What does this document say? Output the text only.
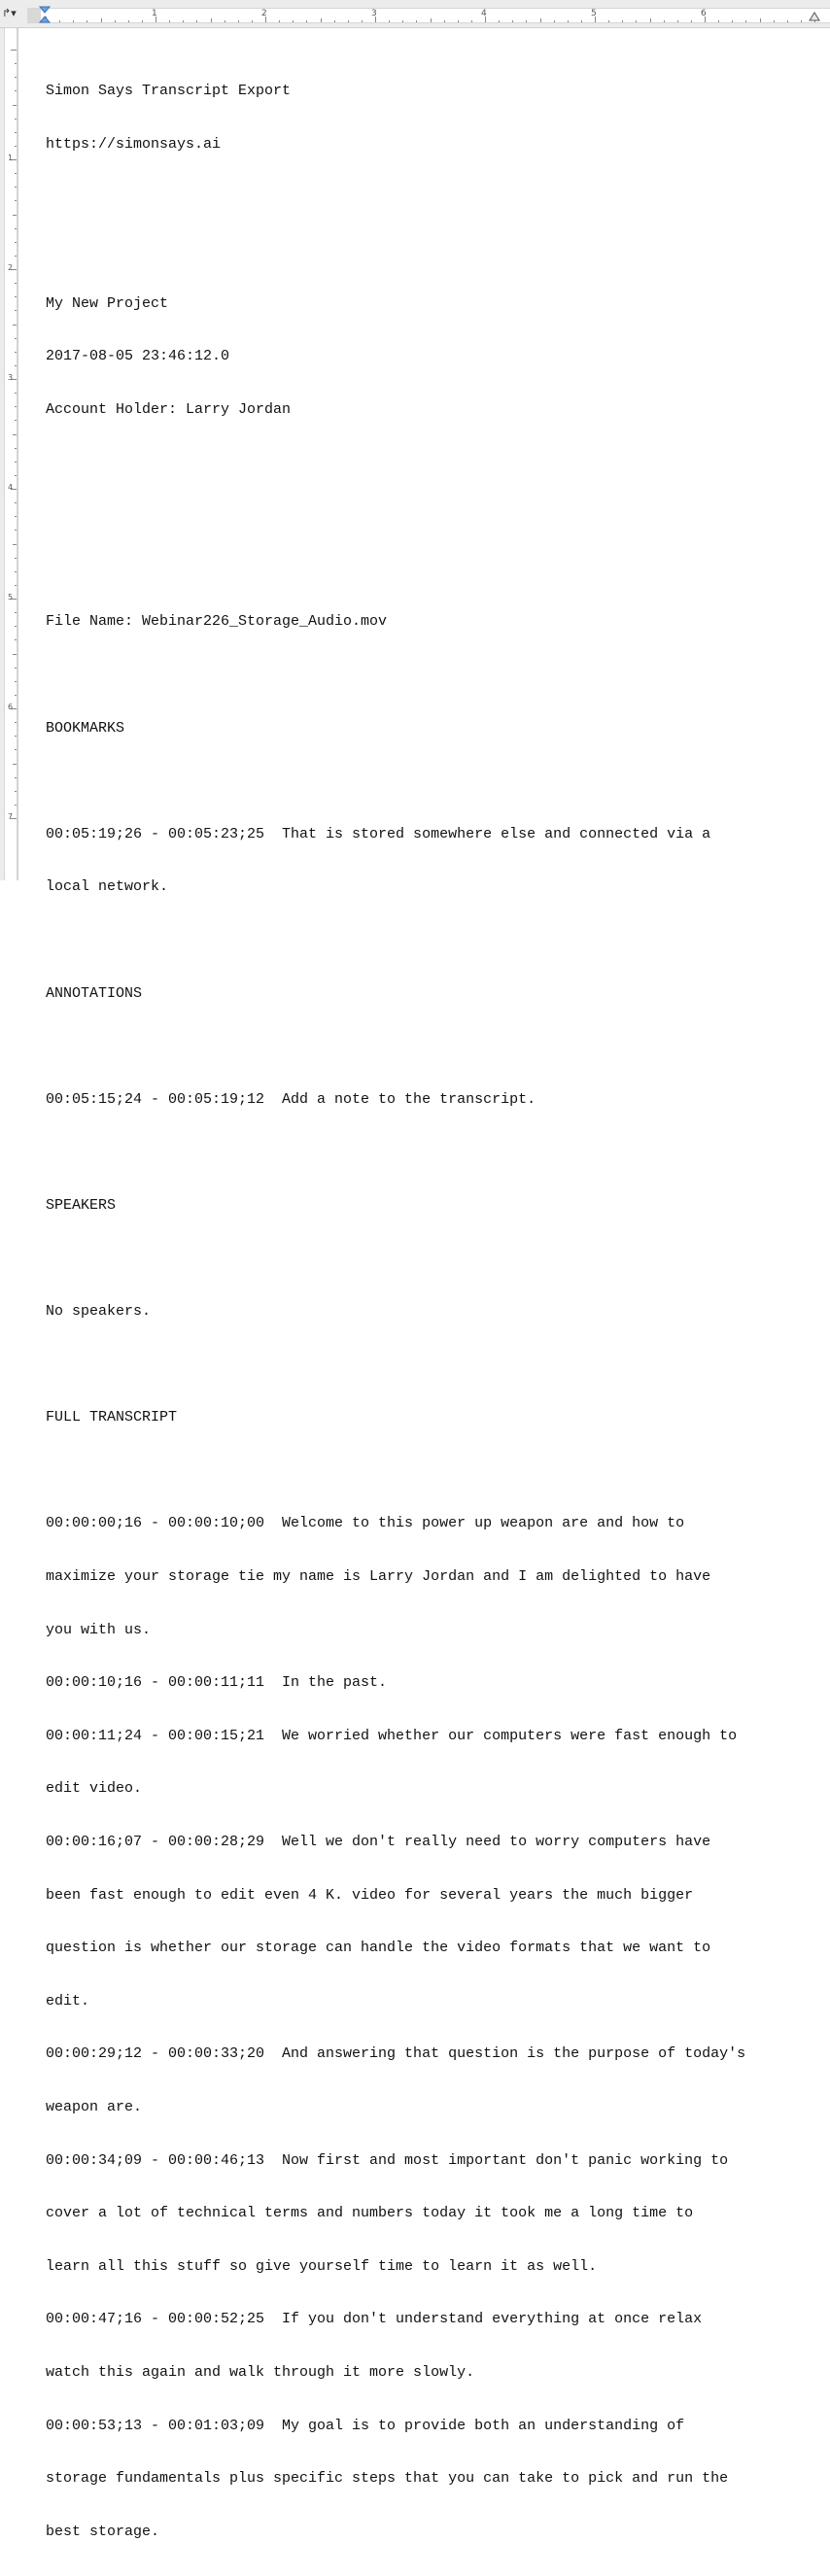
↱▾	1	2	3	4	5	6
1
2
3
4
5
6
7

Simon Says Transcript Export

https://simonsays.ai

My New Project

2017-08-05 23:46:12.0

Account Holder: Larry Jordan

File Name: Webinar226_Storage_Audio.mov

BOOKMARKS

00:05:19;26 - 00:05:23;25  That is stored somewhere else and connected via a

local network.

ANNOTATIONS

00:05:15;24 - 00:05:19;12  Add a note to the transcript.

SPEAKERS

No speakers.

FULL TRANSCRIPT

00:00:00;16 - 00:00:10;00  Welcome to this power up weapon are and how to

maximize your storage tie my name is Larry Jordan and I am delighted to have

you with us.

00:00:10;16 - 00:00:11;11  In the past.

00:00:11;24 - 00:00:15;21  We worried whether our computers were fast enough to

edit video.

00:00:16;07 - 00:00:28;29  Well we don't really need to worry computers have

been fast enough to edit even 4 K. video for several years the much bigger

question is whether our storage can handle the video formats that we want to

edit.

00:00:29;12 - 00:00:33;20  And answering that question is the purpose of today's

weapon are.

00:00:34;09 - 00:00:46;13  Now first and most important don't panic working to

cover a lot of technical terms and numbers today it took me a long time to

learn all this stuff so give yourself time to learn it as well.

00:00:47;16 - 00:00:52;25  If you don't understand everything at once relax

watch this again and walk through it more slowly.

00:00:53;13 - 00:01:03;09  My goal is to provide both an understanding of

storage fundamentals plus specific steps that you can take to pick and run the

best storage.
